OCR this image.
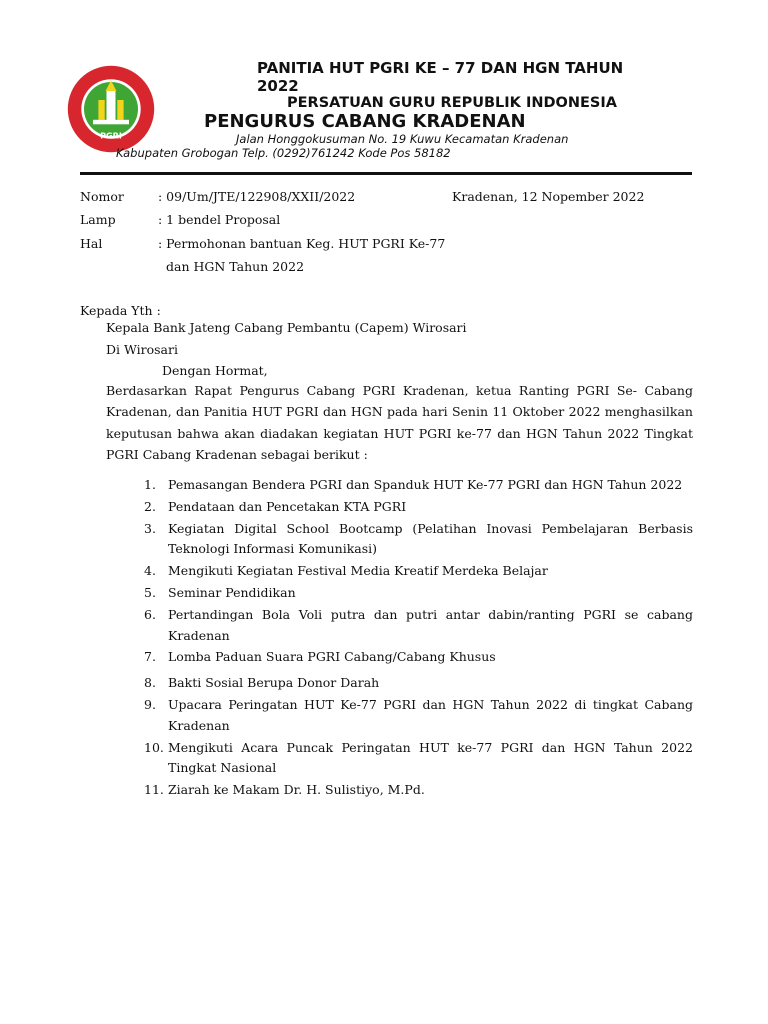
PGRI
PANITIA HUT PGRI KE – 77 DAN HGN TAHUN
2022
PERSATUAN GURU REPUBLIK INDONESIA
PENGURUS CABANG KRADENAN
Jalan Honggokusuman No. 19 Kuwu Kecamatan Kradenan
Kabupaten Grobogan Telp. (0292)761242 Kode Pos 58182
Nomor	: 09/Um/JTE/122908/XXII/2022	Kradenan, 12 Nopember 2022
Lamp	: 1 bendel Proposal
Hal	: Permohonan bantuan Keg. HUT PGRI Ke-77
dan HGN Tahun 2022
Kepada Yth :
Kepala Bank Jateng Cabang Pembantu (Capem) Wirosari
Di Wirosari
Dengan Hormat,
Berdasarkan Rapat Pengurus Cabang PGRI Kradenan, ketua Ranting PGRI Se- Cabang Kradenan, dan Panitia HUT PGRI dan HGN pada hari Senin 11 Oktober 2022 menghasilkan keputusan bahwa akan diadakan kegiatan HUT PGRI ke-77 dan HGN Tahun 2022 Tingkat PGRI Cabang Kradenan sebagai berikut :
1. Pemasangan Bendera PGRI dan Spanduk HUT Ke-77 PGRI dan HGN Tahun 2022
2. Pendataan dan Pencetakan KTA PGRI
3. Kegiatan Digital School Bootcamp (Pelatihan Inovasi Pembelajaran Berbasis Teknologi Informasi Komunikasi)
4. Mengikuti Kegiatan Festival Media Kreatif Merdeka Belajar
5. Seminar Pendidikan
6. Pertandingan Bola Voli putra dan putri antar dabin/ranting PGRI se cabang Kradenan
7. Lomba Paduan Suara PGRI Cabang/Cabang Khusus
8. Bakti Sosial Berupa Donor Darah
9. Upacara Peringatan HUT Ke-77 PGRI dan HGN Tahun 2022 di tingkat Cabang Kradenan
10. Mengikuti Acara Puncak Peringatan HUT ke-77 PGRI dan HGN Tahun 2022 Tingkat Nasional
11. Ziarah ke Makam Dr. H. Sulistiyo, M.Pd.
